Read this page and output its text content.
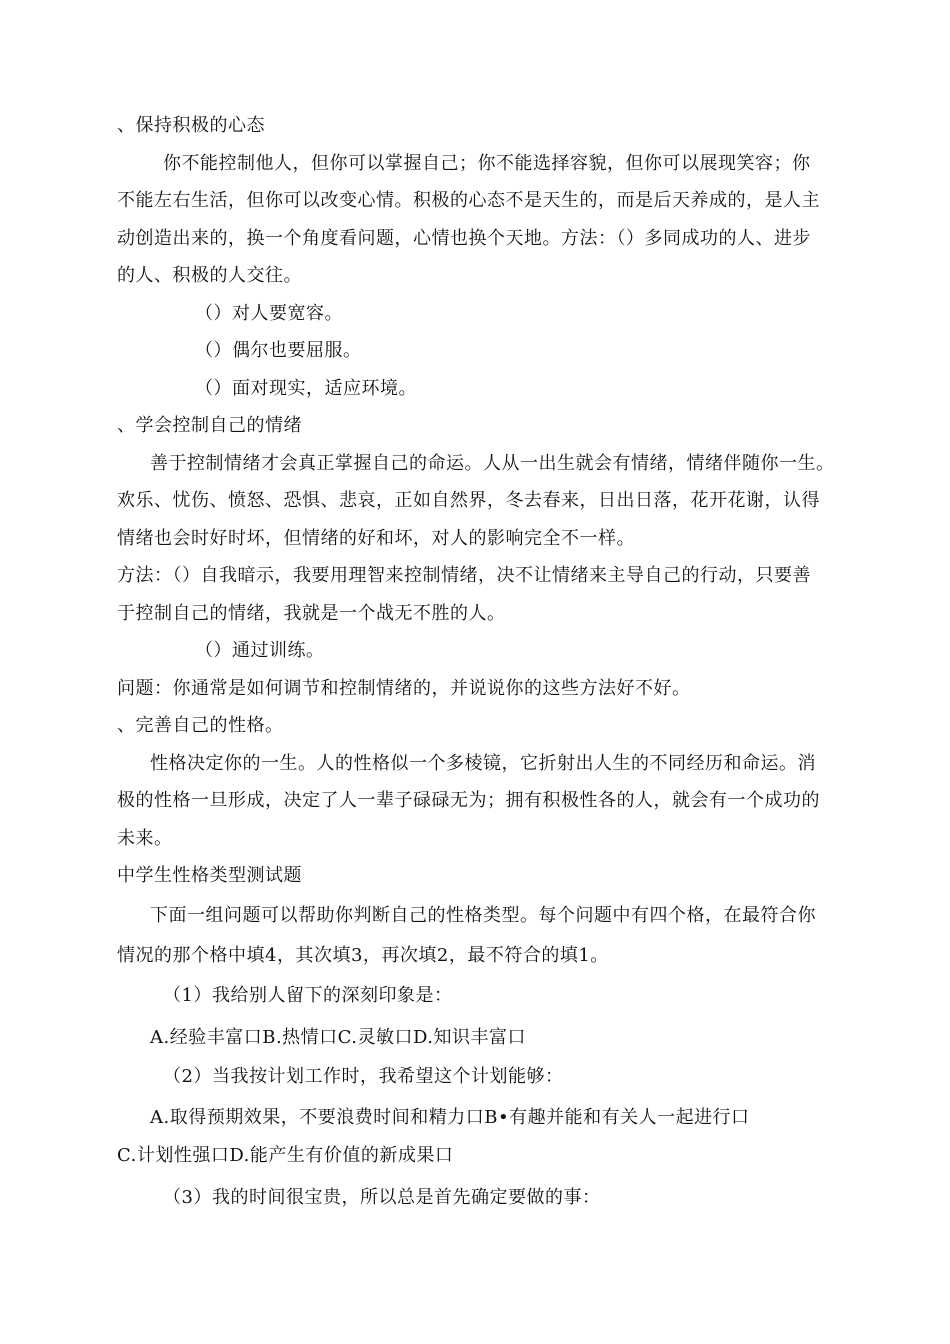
、保持积极的心态
你不能控制他人，但你可以掌握自己；你不能选择容貌，但你可以展现笑容；你
不能左右生活，但你可以改变心情。积极的心态不是天生的，而是后天养成的，是人主
动创造出来的，换一个角度看问题，心情也换个天地。方法：（）多同成功的人、进步
的人、积极的人交往。
（）对人要宽容。
（）偶尔也要屈服。
（）面对现实，适应环境。
、学会控制自己的情绪
善于控制情绪才会真正掌握自己的命运。人从一出生就会有情绪，情绪伴随你一生。
欢乐、忧伤、愤怒、恐惧、悲哀，正如自然界，冬去春来，日出日落，花开花谢，认得
情绪也会时好时坏，但情绪的好和坏，对人的影响完全不一样。
方法：（）自我暗示，我要用理智来控制情绪，决不让情绪来主导自己的行动，只要善
于控制自己的情绪，我就是一个战无不胜的人。
（）通过训练。
问题：你通常是如何调节和控制情绪的，并说说你的这些方法好不好。
、完善自己的性格。
性格决定你的一生。人的性格似一个多棱镜，它折射出人生的不同经历和命运。消
极的性格一旦形成，决定了人一辈子碌碌无为；拥有积极性各的人，就会有一个成功的
未来。
中学生性格类型测试题
下面一组问题可以帮助你判断自己的性格类型。每个问题中有四个格，在最符合你
情况的那个格中填4，其次填3，再次填2，最不符合的填1。
（1）我给别人留下的深刻印象是：
A.经验丰富口B.热情口C.灵敏口D.知识丰富口
（2）当我按计划工作时，我希望这个计划能够：
A.取得预期效果，不要浪费时间和精力口B•有趣并能和有关人一起进行口
C.计划性强口D.能产生有价值的新成果口
（3）我的时间很宝贵，所以总是首先确定要做的事：
